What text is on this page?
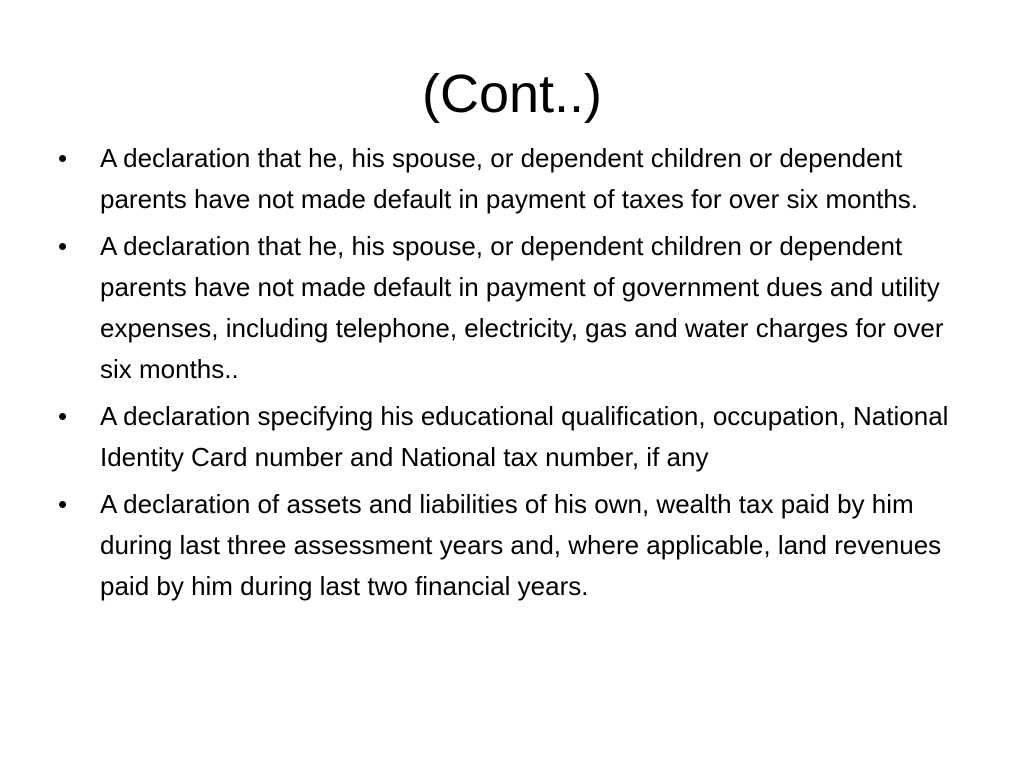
(Cont..)
• A declaration that he, his spouse, or dependent children or dependent parents have not made default in payment of taxes for over six months.
• A declaration that he, his spouse, or dependent children or dependent parents have not made default in payment of government dues and utility expenses, including telephone, electricity, gas and water charges for over six months..
• A declaration specifying his educational qualification, occupation, National Identity Card number and National tax number, if any
• A declaration of assets and liabilities of his own, wealth tax paid by him during last three assessment years and, where applicable, land revenues paid by him during last two financial years.
